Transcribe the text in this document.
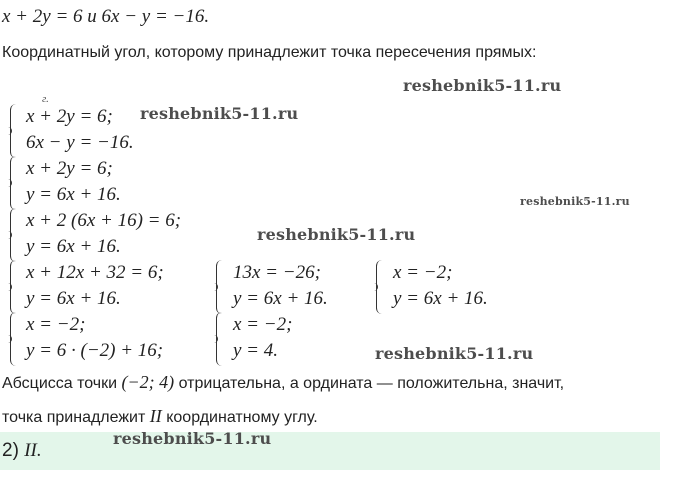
x + 2y = 6 и 6x − y = −16.
Координатный угол, которому принадлежит точка пересечения прямых:
г.
x + 2y = 6;
6x − y = −16.
x + 2y = 6;
y = 6x + 16.
x + 2 (6x + 16) = 6;
y = 6x + 16.
x + 12x + 32 = 6;
y = 6x + 16.
13x = −26;
y = 6x + 16.
x = −2;
y = 6x + 16.
x = −2;
y = 6 · (−2) + 16;
x = −2;
y = 4.
Абсцисса точки (−2; 4) отрицательна, а ордината — положительна, значит,
точка принадлежит II координатному углу.
2) II.
reshebnik5-11.ru
reshebnik5-11.ru
reshebnik5-11.ru
reshebnik5-11.ru
reshebnik5-11.ru
reshebnik5-11.ru
